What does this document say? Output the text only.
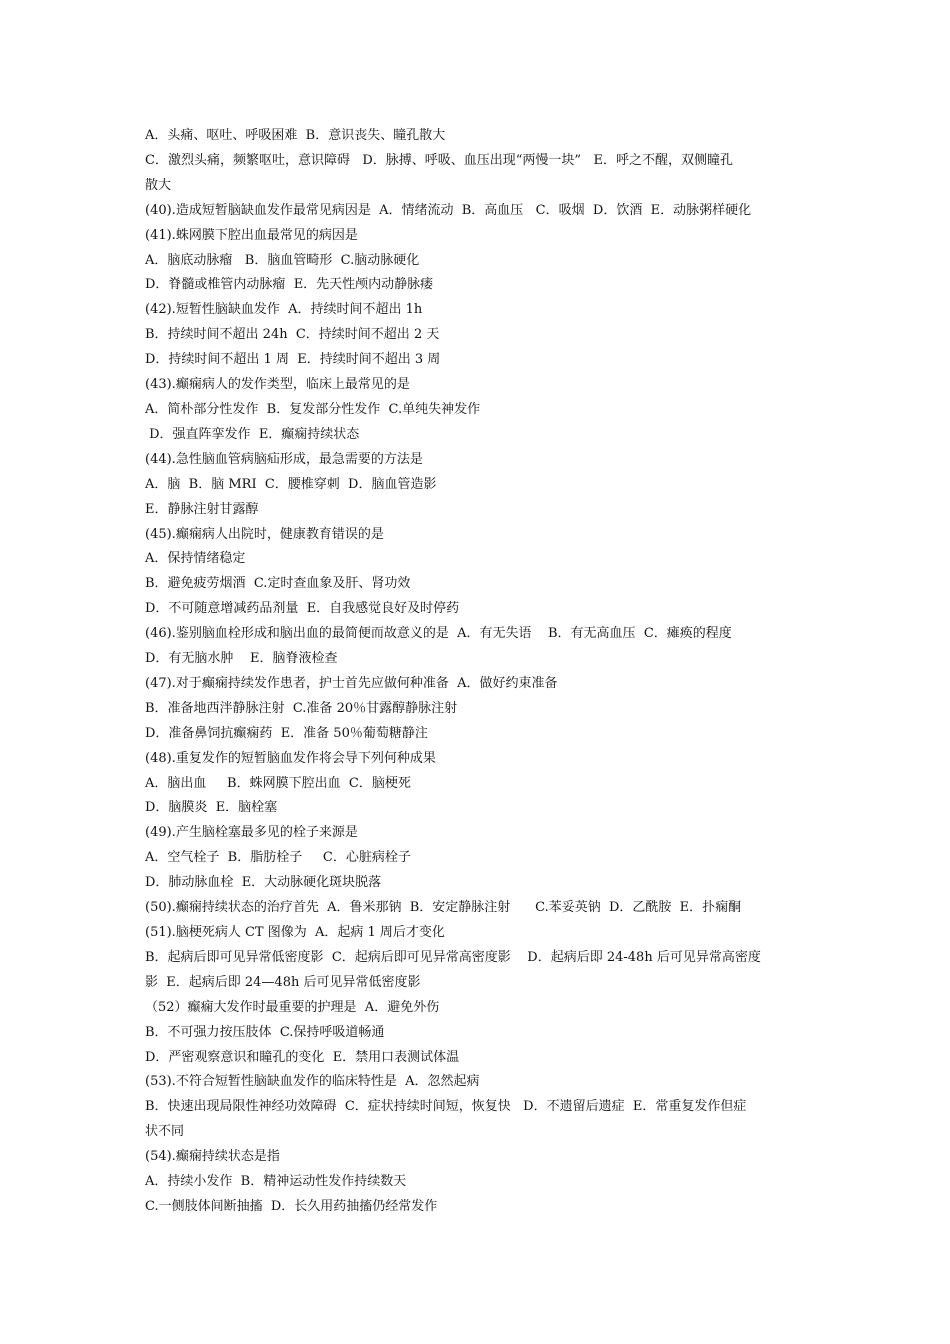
A．头痛、呕吐、呼吸困难  B．意识丧失、瞳孔散大
C．激烈头痛，频繁呕吐，意识障碍   D．脉搏、呼吸、血压出现“两慢一块”   E．呼之不醒，双侧瞳孔
散大
(40).造成短暂脑缺血发作最常见病因是  A．情绪流动  B．高血压   C．吸烟  D．饮酒  E．动脉粥样硬化
(41).蛛网膜下腔出血最常见的病因是
A．脑底动脉瘤   B．脑血管畸形  C.脑动脉硬化
D．脊髓或椎管内动脉瘤  E．先天性颅内动静脉瘘
(42).短暂性脑缺血发作  A．持续时间不超出 1h
B．持续时间不超出 24h  C．持续时间不超出 2 天
D．持续时间不超出 1 周  E．持续时间不超出 3 周
(43).癫痫病人的发作类型，临床上最常见的是
A．简朴部分性发作  B．复发部分性发作  C.单纯失神发作
D．强直阵挛发作  E．癫痫持续状态
(44).急性脑血管病脑疝形成，最急需要的方法是
A．脑  B．脑 MRI  C．腰椎穿刺  D．脑血管造影
E．静脉注射甘露醇
(45).癫痫病人出院时，健康教育错误的是
A．保持情绪稳定
B．避免疲劳烟酒  C.定时查血象及肝、肾功效
D．不可随意增减药品剂量  E．自我感觉良好及时停药
(46).鉴别脑血栓形成和脑出血的最简便而故意义的是  A．有无失语    B．有无高血压  C．瘫痪的程度
D．有无脑水肿    E．脑脊液检查
(47).对于癫痫持续发作患者，护士首先应做何种准备  A．做好约束准备
B．准备地西泮静脉注射  C.准备 20％甘露醇静脉注射
D．准备鼻饲抗癫痫药  E．准备 50％葡萄糖静注
(48).重复发作的短暂脑血发作将会导下列何种成果
A．脑出血     B．蛛网膜下腔出血  C．脑梗死
D．脑膜炎  E．脑栓塞
(49).产生脑栓塞最多见的栓子来源是
A．空气栓子  B．脂肪栓子     C．心脏病栓子
D．肺动脉血栓  E．大动脉硬化斑块脱落
(50).癫痫持续状态的治疗首先  A．鲁米那钠  B．安定静脉注射      C.苯妥英钠  D．乙酰胺  E．扑痫酮
(51).脑梗死病人 CT 图像为  A．起病 1 周后才变化
B．起病后即可见异常低密度影  C．起病后即可见异常高密度影    D．起病后即 24-48h 后可见异常高密度
影  E．起病后即 24—48h 后可见异常低密度影
（52）癫痫大发作时最重要的护理是  A．避免外伤
B．不可强力按压肢体  C.保持呼吸道畅通
D．严密观察意识和瞳孔的变化  E．禁用口表测试体温
(53).不符合短暂性脑缺血发作的临床特性是  A．忽然起病
B．快速出现局限性神经功效障碍  C．症状持续时间短，恢复快   D．不遗留后遗症  E．常重复发作但症
状不同
(54).癫痫持续状态是指
A．持续小发作  B．精神运动性发作持续数天
C.一侧肢体间断抽搐  D．长久用药抽搐仍经常发作
